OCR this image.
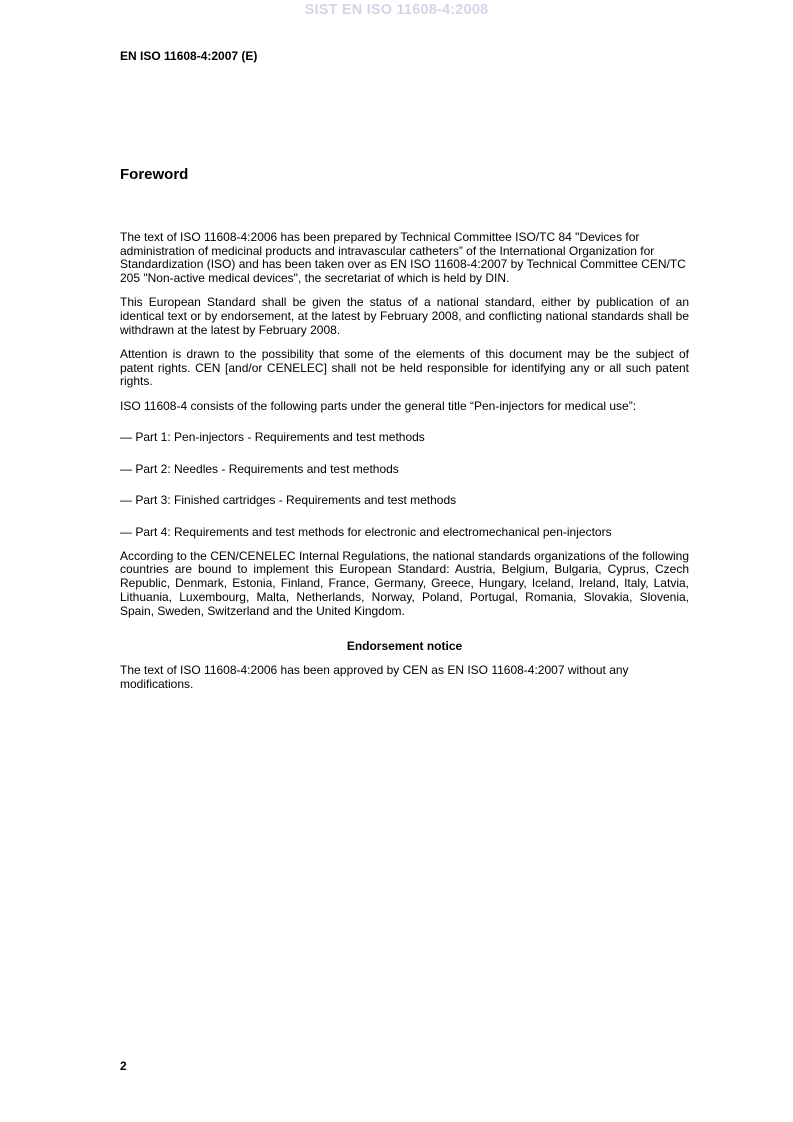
SIST EN ISO 11608-4:2008
EN ISO 11608-4:2007 (E)
Foreword

The text of ISO 11608-4:2006 has been prepared by Technical Committee ISO/TC 84 "Devices for administration of medicinal products and intravascular catheters” of the International Organization for Standardization (ISO) and has been taken over as EN ISO 11608-4:2007 by Technical Committee CEN/TC 205 "Non-active medical devices", the secretariat of which is held by DIN.

This European Standard shall be given the status of a national standard, either by publication of an identical text or by endorsement, at the latest by February 2008, and conflicting national standards shall be withdrawn at the latest by February 2008.

Attention is drawn to the possibility that some of the elements of this document may be the subject of patent rights. CEN [and/or CENELEC] shall not be held responsible for identifying any or all such patent rights.

ISO 11608-4 consists of the following parts under the general title “Pen-injectors for medical use”:

— Part 1: Pen-injectors - Requirements and test methods

— Part 2: Needles - Requirements and test methods

— Part 3: Finished cartridges - Requirements and test methods

— Part 4: Requirements and test methods for electronic and electromechanical pen-injectors

According to the CEN/CENELEC Internal Regulations, the national standards organizations of the following countries are bound to implement this European Standard: Austria, Belgium, Bulgaria, Cyprus, Czech Republic, Denmark, Estonia, Finland, France, Germany, Greece, Hungary, Iceland, Ireland, Italy, Latvia, Lithuania, Luxembourg, Malta, Netherlands, Norway, Poland, Portugal, Romania, Slovakia, Slovenia, Spain, Sweden, Switzerland and the United Kingdom.

Endorsement notice

The text of ISO 11608-4:2006 has been approved by CEN as EN ISO 11608-4:2007 without any modifications.

2
